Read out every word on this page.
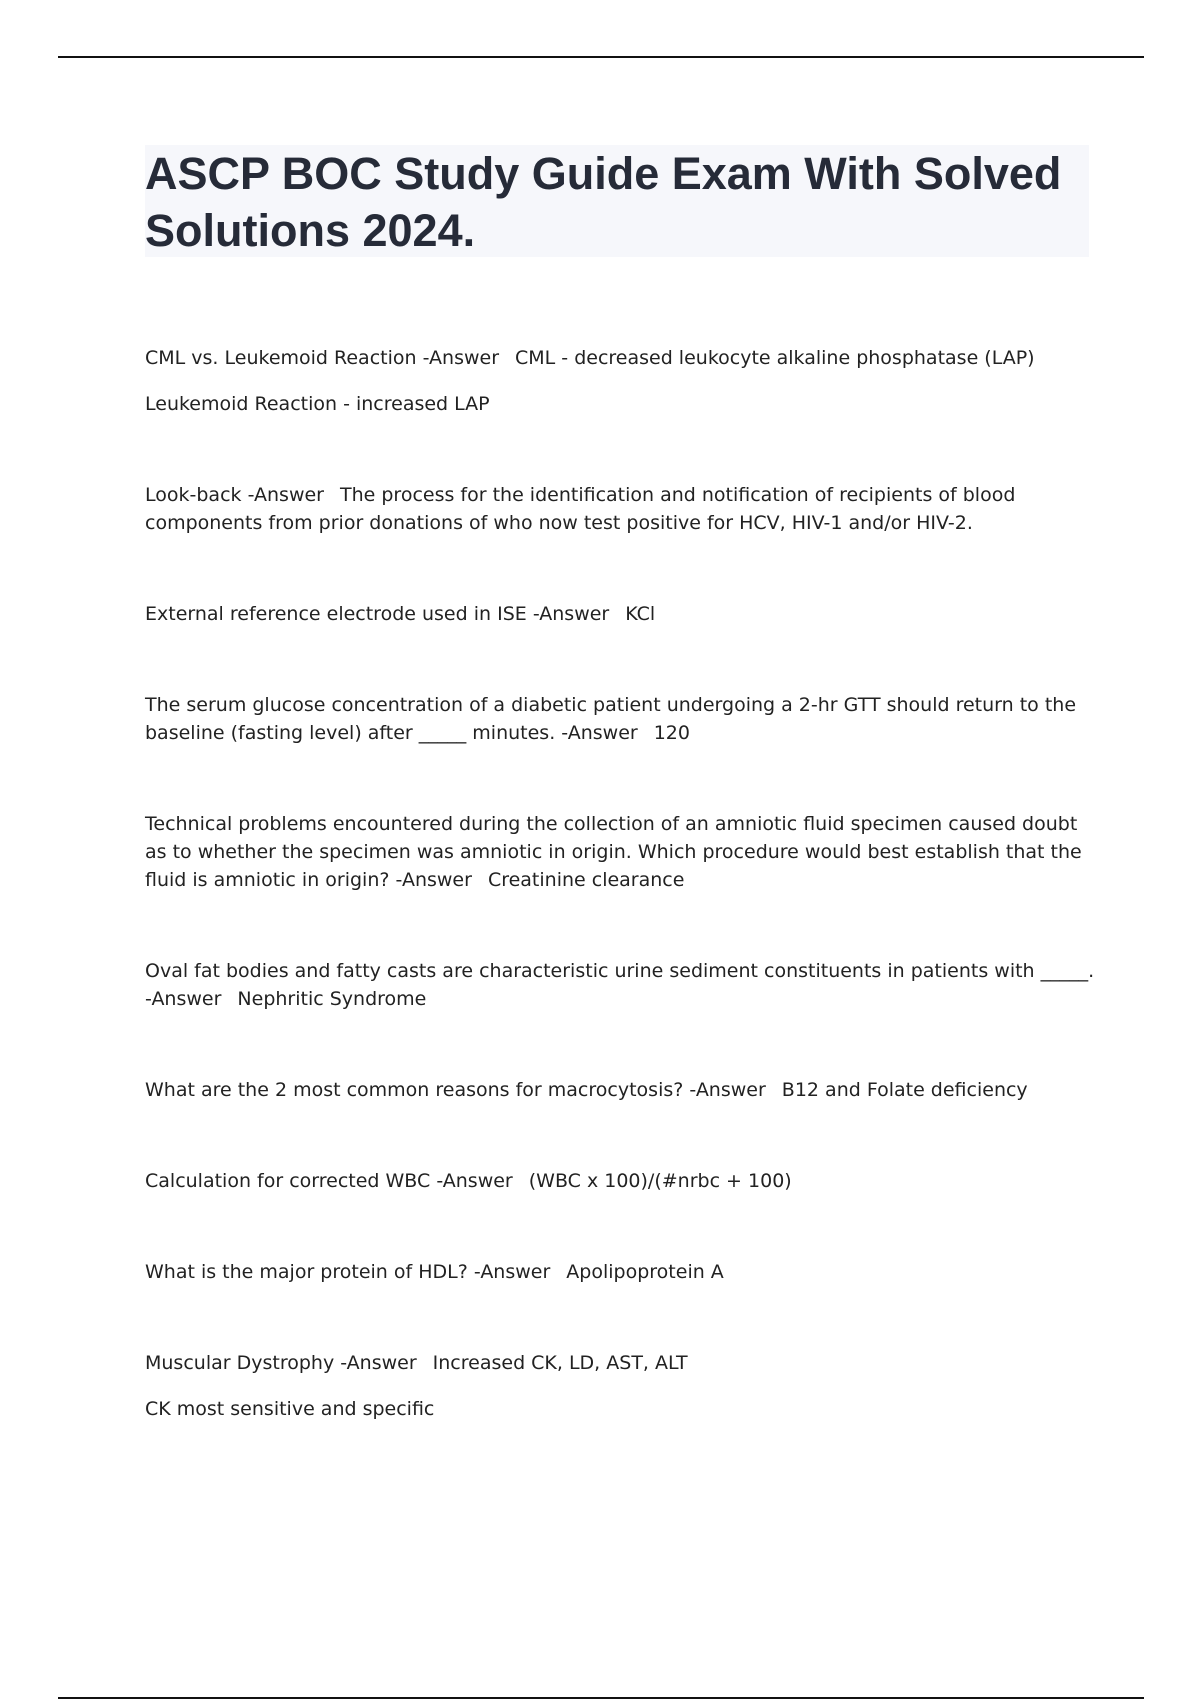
ASCP BOC Study Guide Exam With Solved Solutions 2024.

CML vs. Leukemoid Reaction -Answer CML - decreased leukocyte alkaline phosphatase (LAP)

Leukemoid Reaction - increased LAP

Look-back -Answer The process for the identification and notification of recipients of blood components from prior donations of who now test positive for HCV, HIV-1 and/or HIV-2.

External reference electrode used in ISE -Answer KCl

The serum glucose concentration of a diabetic patient undergoing a 2-hr GTT should return to the baseline (fasting level) after _____ minutes. -Answer 120

Technical problems encountered during the collection of an amniotic fluid specimen caused doubt as to whether the specimen was amniotic in origin. Which procedure would best establish that the fluid is amniotic in origin? -Answer Creatinine clearance

Oval fat bodies and fatty casts are characteristic urine sediment constituents in patients with _____. -Answer Nephritic Syndrome

What are the 2 most common reasons for macrocytosis? -Answer B12 and Folate deficiency

Calculation for corrected WBC -Answer (WBC x 100)/(#nrbc + 100)

What is the major protein of HDL? -Answer Apolipoprotein A

Muscular Dystrophy -Answer Increased CK, LD, AST, ALT

CK most sensitive and specific
